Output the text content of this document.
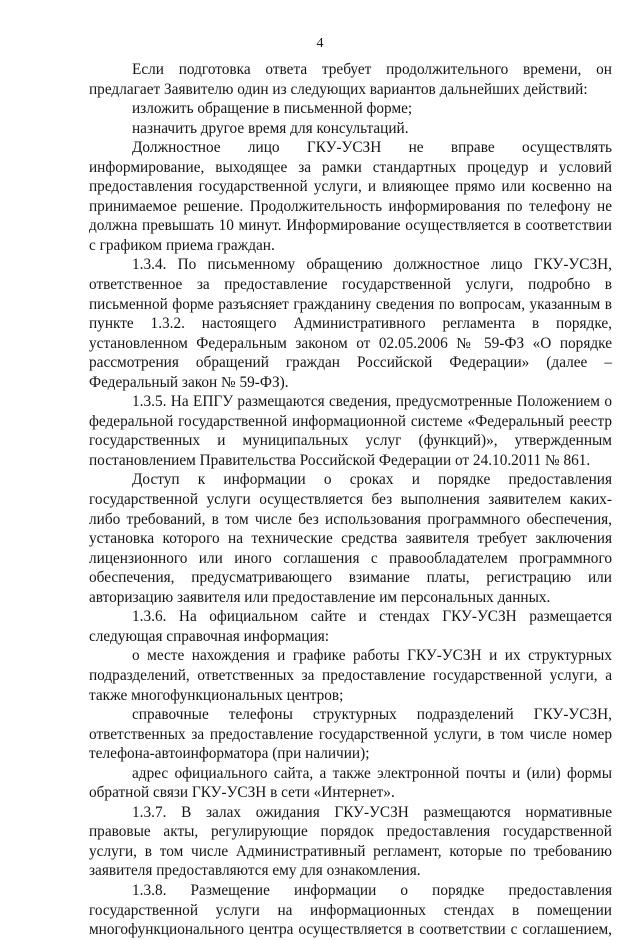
4

Если подготовка ответа требует продолжительного времени, он предлагает Заявителю один из следующих вариантов дальнейших действий:

изложить обращение в письменной форме;

назначить другое время для консультаций.

Должностное лицо ГКУ-УСЗН не вправе осуществлять информирование, выходящее за рамки стандартных процедур и условий предоставления государственной услуги, и влияющее прямо или косвенно на принимаемое решение. Продолжительность информирования по телефону не должна превышать 10 минут. Информирование осуществляется в соответствии с графиком приема граждан.

1.3.4. По письменному обращению должностное лицо ГКУ-УСЗН, ответственное за предоставление государственной услуги, подробно в письменной форме разъясняет гражданину сведения по вопросам, указанным в пункте 1.3.2. настоящего Административного регламента в порядке, установленном Федеральным законом от 02.05.2006 № 59-ФЗ «О порядке рассмотрения обращений граждан Российской Федерации» (далее – Федеральный закон № 59-ФЗ).

1.3.5. На ЕПГУ размещаются сведения, предусмотренные Положением о федеральной государственной информационной системе «Федеральный реестр государственных и муниципальных услуг (функций)», утвержденным постановлением Правительства Российской Федерации от 24.10.2011 № 861.

Доступ к информации о сроках и порядке предоставления государственной услуги осуществляется без выполнения заявителем каких-либо требований, в том числе без использования программного обеспечения, установка которого на технические средства заявителя требует заключения лицензионного или иного соглашения с правообладателем программного обеспечения, предусматривающего взимание платы, регистрацию или авторизацию заявителя или предоставление им персональных данных.

1.3.6. На официальном сайте и стендах ГКУ-УСЗН размещается следующая справочная информация:

о месте нахождения и графике работы ГКУ-УСЗН и их структурных подразделений, ответственных за предоставление государственной услуги, а также многофункциональных центров;

справочные телефоны структурных подразделений ГКУ-УСЗН, ответственных за предоставление государственной услуги, в том числе номер телефона-автоинформатора (при наличии);

адрес официального сайта, а также электронной почты и (или) формы обратной связи ГКУ-УСЗН в сети «Интернет».

1.3.7. В залах ожидания ГКУ-УСЗН размещаются нормативные правовые акты, регулирующие порядок предоставления государственной услуги, в том числе Административный регламент, которые по требованию заявителя предоставляются ему для ознакомления.

1.3.8. Размещение информации о порядке предоставления государственной услуги на информационных стендах в помещении многофункционального центра осуществляется в соответствии с соглашением,
